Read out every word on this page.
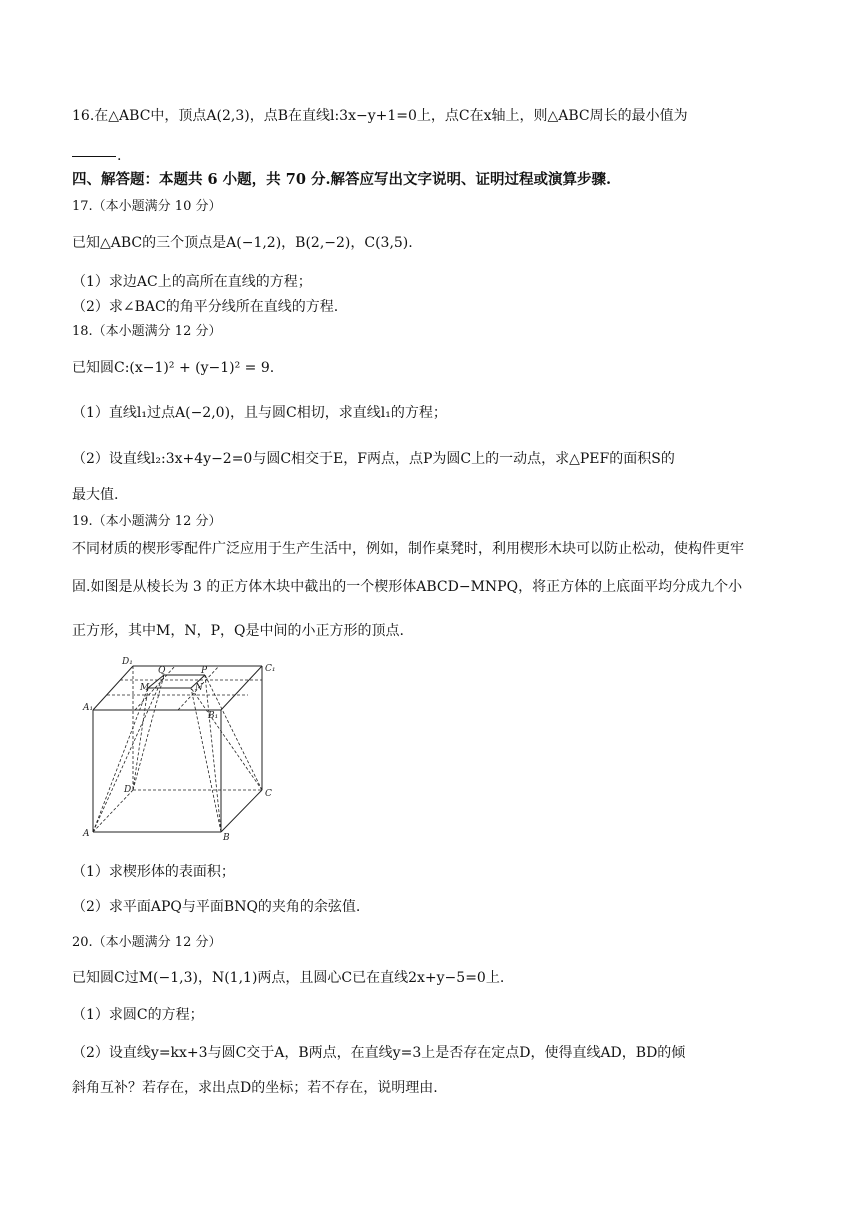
16.在△ABC中，顶点A(2,3)，点B在直线l:3x−y+1=0上，点C在x轴上，则△ABC周长的最小值为
.
四、解答题：本题共 6 小题，共 70 分.解答应写出文字说明、证明过程或演算步骤.
17.（本小题满分 10 分）
已知△ABC的三个顶点是A(−1,2)，B(2,−2)，C(3,5).
（1）求边AC上的高所在直线的方程；
（2）求∠BAC的角平分线所在直线的方程.
18.（本小题满分 12 分）
已知圆C:(x−1)² + (y−1)² = 9.
（1）直线l₁过点A(−2,0)，且与圆C相切，求直线l₁的方程；
（2）设直线l₂:3x+4y−2=0与圆C相交于E，F两点，点P为圆C上的一动点，求△PEF的面积S的
最大值.
19.（本小题满分 12 分）
不同材质的楔形零配件广泛应用于生产生活中，例如，制作桌凳时，利用楔形木块可以防止松动，使构件更牢
固.如图是从棱长为 3 的正方体木块中截出的一个楔形体ABCD−MNPQ，将正方体的上底面平均分成九个小
正方形，其中M，N，P，Q是中间的小正方形的顶点.
D₁
Q	P	C₁
M	N
A₁
B₁
D	C
A	B
（1）求楔形体的表面积；
（2）求平面APQ与平面BNQ的夹角的余弦值.
20.（本小题满分 12 分）
已知圆C过M(−1,3)，N(1,1)两点，且圆心C已在直线2x+y−5=0上.
（1）求圆C的方程；
（2）设直线y=kx+3与圆C交于A，B两点，在直线y=3上是否存在定点D，使得直线AD，BD的倾
斜角互补？若存在，求出点D的坐标；若不存在，说明理由.
